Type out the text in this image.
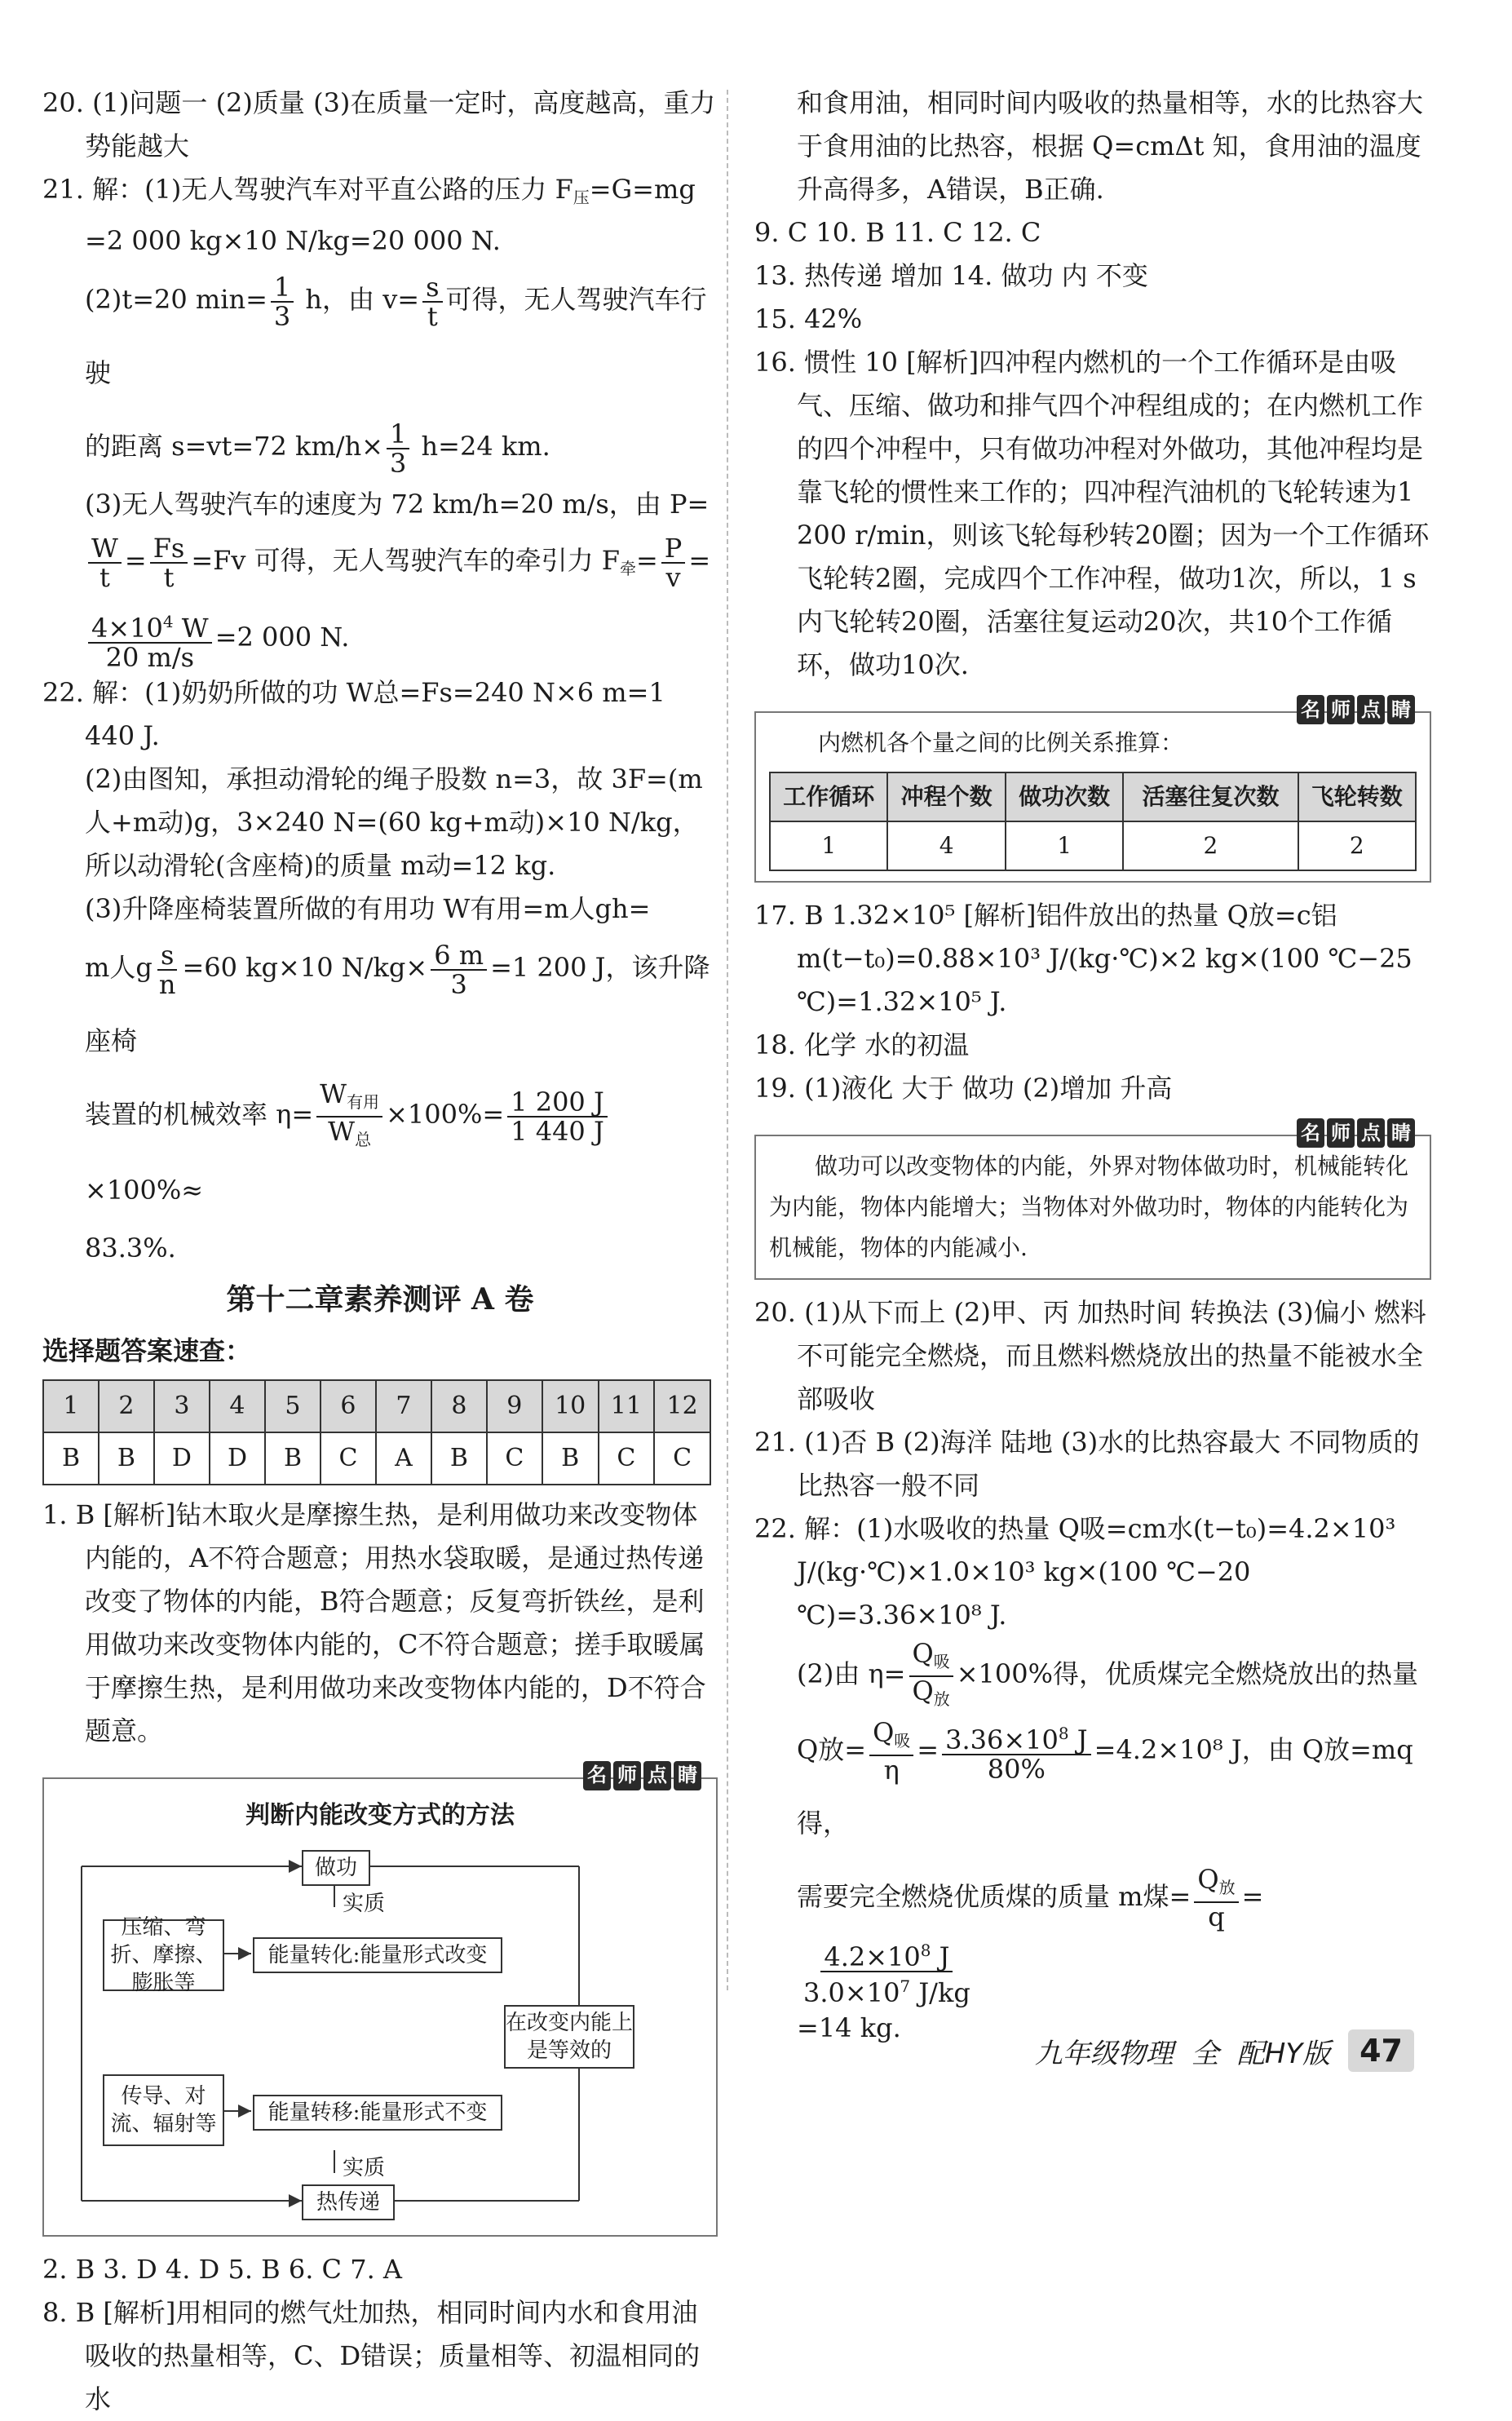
20. (1)问题一 (2)质量 (3)在质量一定时，高度越高，重力势能越大

21. 解：(1)无人驾驶汽车对平直公路的压力 $F_压=G=mg$

=2 000 kg×10 N/kg=20 000 N.

(2)t=20 $\min= \frac{1}{3}$ h，由 $v= \frac{s}{t}$ 可得，无人驾驶汽车行驶

的距离 s=vt=72 $km/h\times \frac{1}{3} h=24$ km.

(3)无人驾驶汽车的速度为 72 km/h=20 m/s，由 P=

$\frac{W}{t} = \frac{Fs}{t} =Fv$ 可得，无人驾驶汽车的牵引力 $F_牵= \frac{P}{v}$ =

$\frac{4\times 10^4 W}{20 m/s} =2$ 000 N.

22. 解：(1)奶奶所做的功 W总=Fs=240 N×6 m=1 440 J.

(2)由图知，承担动滑轮的绳子股数 n=3，故 3F=(m人+m动)g，3×240 N=(60 kg+m动)×10 N/kg，所以动滑轮(含座椅)的质量 m动=12 kg.

(3)升降座椅装置所做的有用功 W有用=m人gh=

m人g $\frac{s}{n} =60$ kg×10 $N/kg\times \frac{6 m}{3} =1$ 200 J，该升降座椅

装置的机械效率 $\eta= \frac{W_{有用}}{W_总} \times 100\%= \frac{1 200 J}{1 440 J}$
×100%≈

83.3%.

第十二章素养测评 A 卷
选择题答案速查：
1	2	3	4	5	6	7	8	9	10	11	12
B	B	D	D	B	C	A	B	C	B	C	C

1. B [解析]钻木取火是摩擦生热，是利用做功来改变物体内能的，A不符合题意；用热水袋取暖，是通过热传递改变了物体的内能，B符合题意；反复弯折铁丝，是利用做功来改变物体内能的，C不符合题意；搓手取暖属于摩擦生热，是利用做功来改变物体内能的，D不符合题意。

名 师 点 睛
判断内能改变方式的方法
做功
实质
压缩、弯折、摩擦、膨胀等
能量转化:能量形式改变
在改变内能上是等效的
传导、对流、辐射等	能量转移:能量形式不变
实质
热传递

2. B 3. D 4. D 5. B 6. C 7. A

8. B [解析]用相同的燃气灶加热，相同时间内水和食用油吸收的热量相等，C、D错误；质量相等、初温相同的水

和食用油，相同时间内吸收的热量相等，水的比热容大于食用油的比热容，根据 Q=cmΔt 知，食用油的温度升高得多，A错误，B正确.

9. C 10. B 11. C 12. C

13. 热传递 增加 14. 做功 内 不变

15. 42%

16. 惯性 10 [解析]四冲程内燃机的一个工作循环是由吸气、压缩、做功和排气四个冲程组成的；在内燃机工作的四个冲程中，只有做功冲程对外做功，其他冲程均是靠飞轮的惯性来工作的；四冲程汽油机的飞轮转速为1 200 r/min，则该飞轮每秒转20圈；因为一个工作循环飞轮转2圈，完成四个工作冲程，做功1次，所以，1 s内飞轮转20圈，活塞往复运动20次，共10个工作循环，做功10次.

名 师 点 睛
内燃机各个量之间的比例关系推算：
工作循环	冲程个数	做功次数	活塞往复次数	飞轮转数
1	4	1	2	2

17. B 1.32×10⁵ [解析]铝件放出的热量 Q放=c铝m(t−t₀)=0.88×10³ J/(kg·℃)×2 kg×(100 ℃−25 ℃)=1.32×10⁵ J.

18. 化学 水的初温

19. (1)液化 大于 做功 (2)增加 升高

名 师 点 睛
做功可以改变物体的内能，外界对物体做功时，机械能转化为内能，物体内能增大；当物体对外做功时，物体的内能转化为机械能，物体的内能减小.

20. (1)从下而上 (2)甲、丙 加热时间 转换法 (3)偏小 燃料不可能完全燃烧，而且燃料燃烧放出的热量不能被水全部吸收

21. (1)否 B (2)海洋 陆地 (3)水的比热容最大 不同物质的比热容一般不同

22. 解：(1)水吸收的热量 Q吸=cm水(t−t₀)=4.2×10³ J/(kg·℃)×1.0×10³ kg×(100 ℃−20 ℃)=3.36×10⁸ J.

(2)由 $\eta= \frac{Q_吸}{Q_放} \times 100\%$得，优质煤完全燃烧放出的热量

Q放= $\frac{Q_吸}{\eta} = \frac{3.36\times 10^8 J}{80\%} =4.2\times 10^8$ J，由 Q放=mq 得，

需要完全燃烧优质煤的质量 m煤= $\frac{Q_放}{q}$ =
$\frac{4.2\times 10^8 J}{3.0\times 10^7 J/kg}$

=14 kg.

九年级物理 全 配HY版 47
